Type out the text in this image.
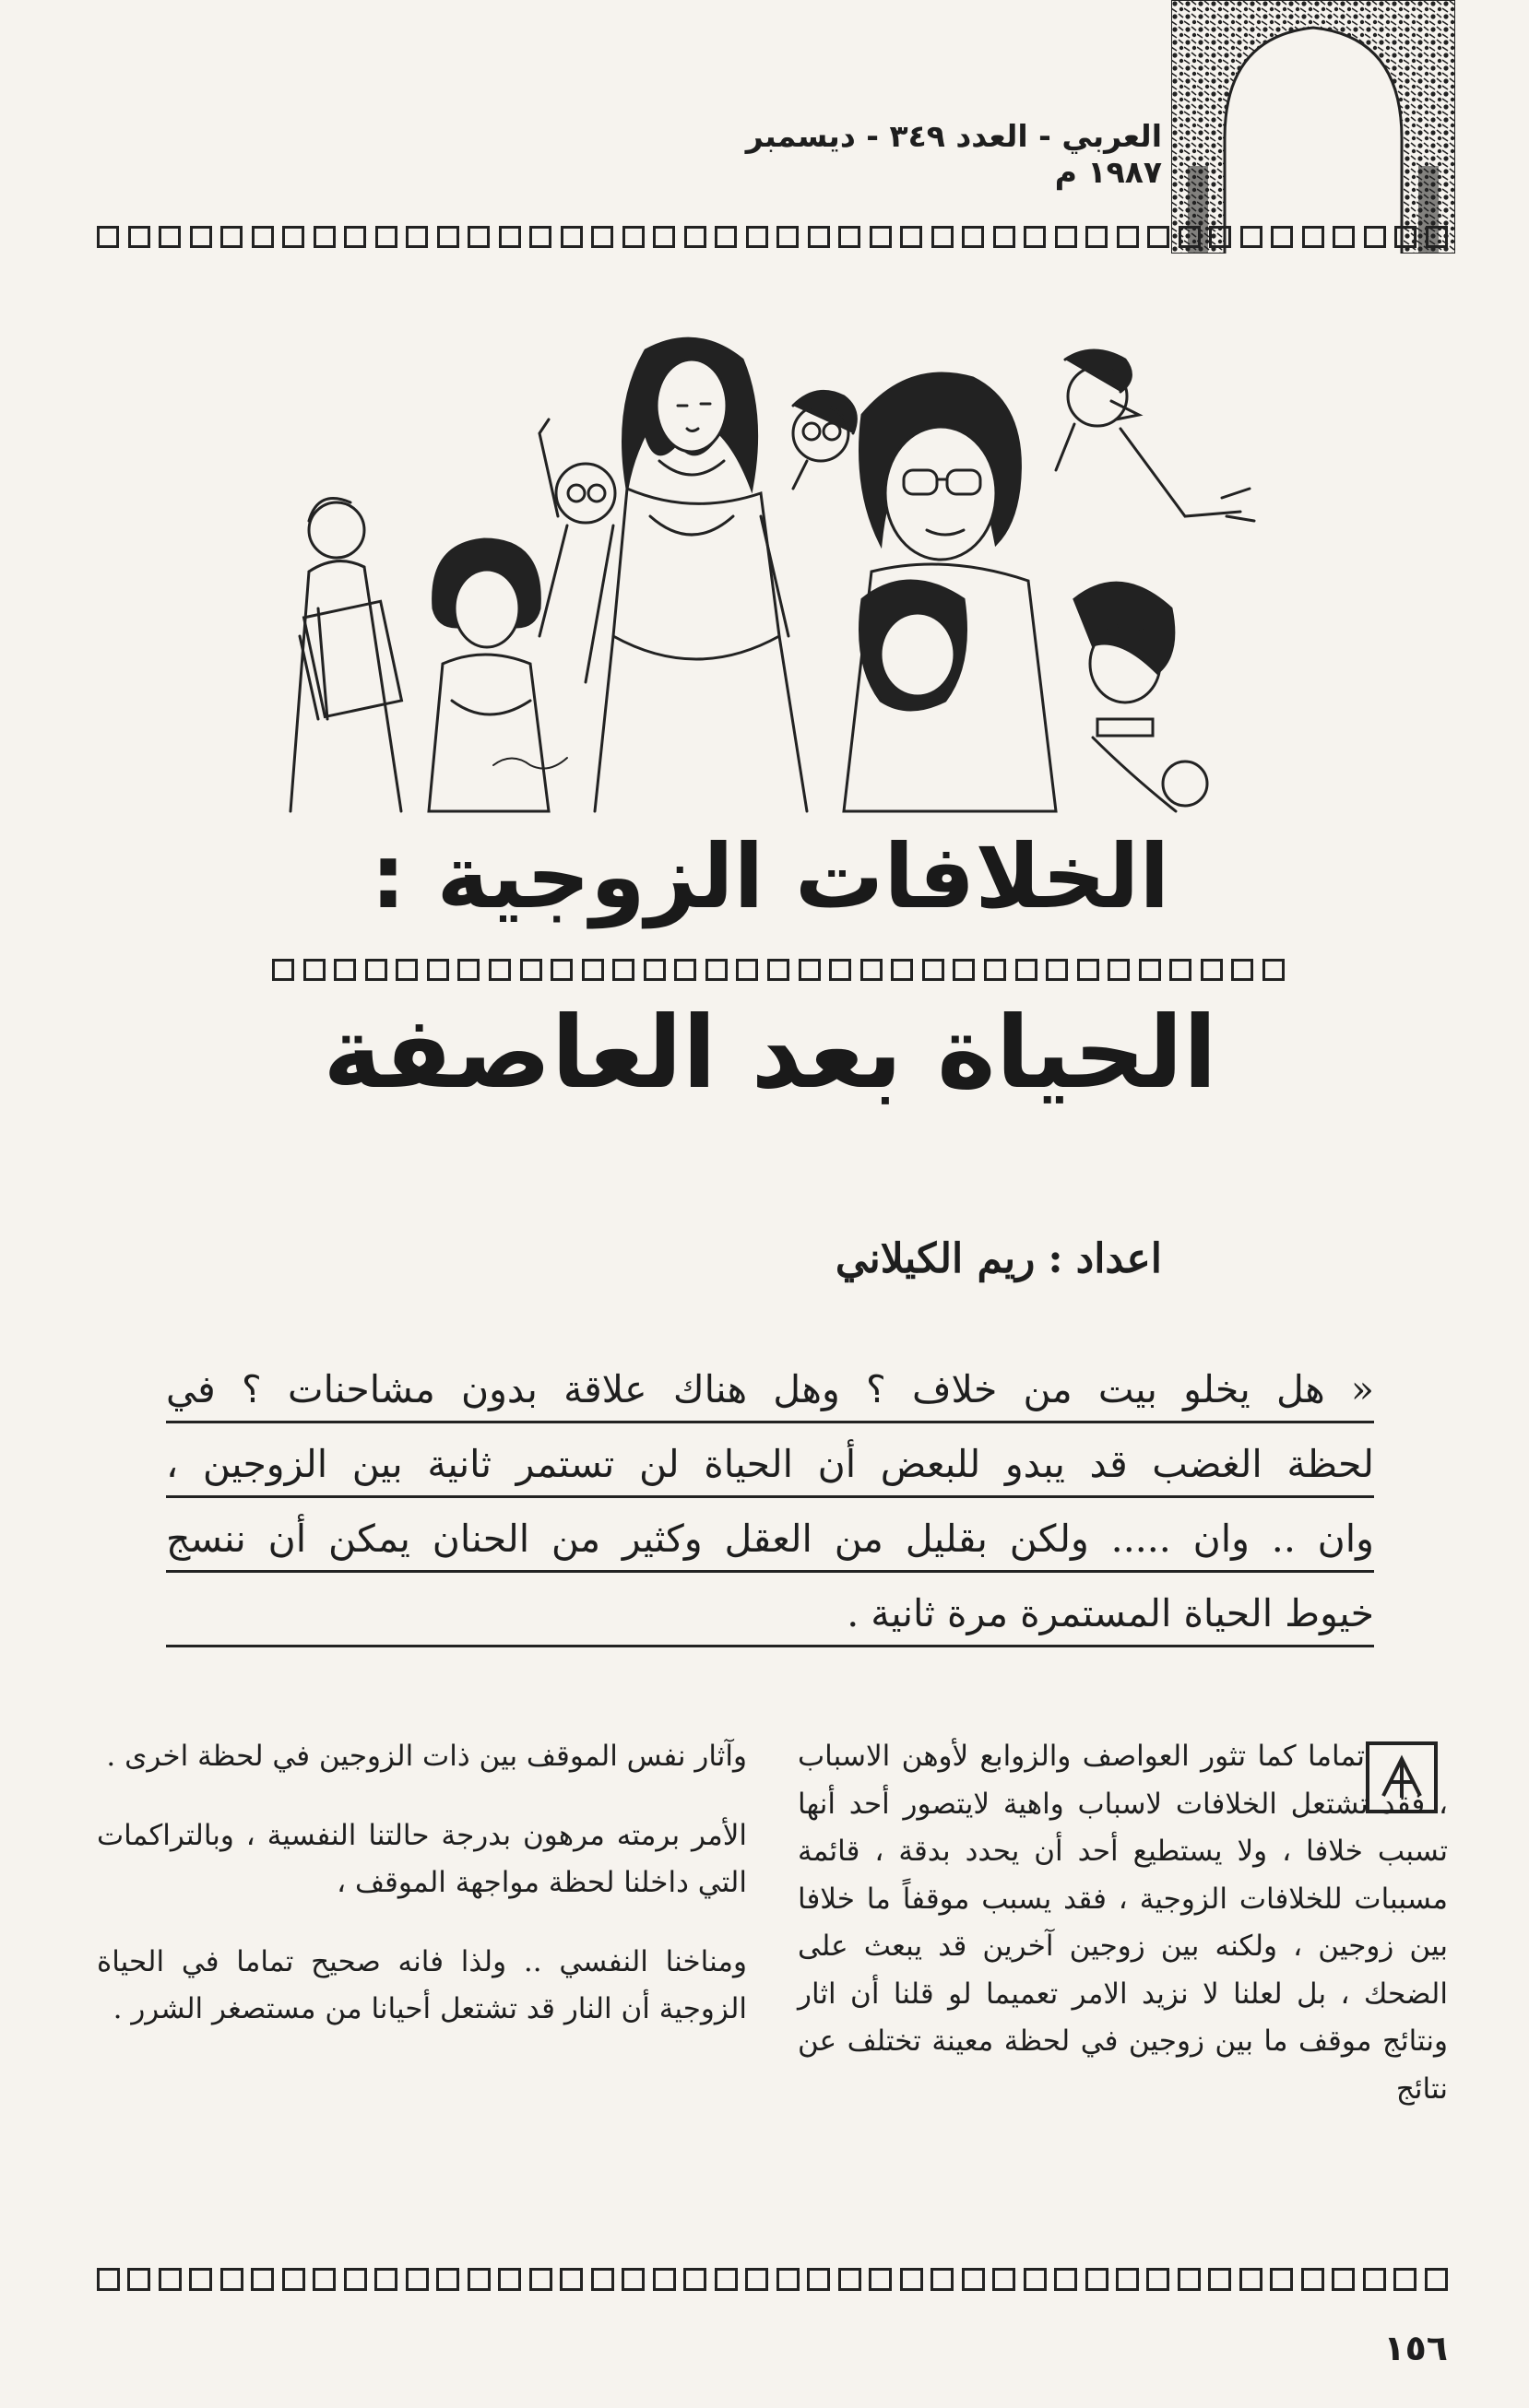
العربي - العدد ٣٤٩ - ديسمبر ١٩٨٧ م
الخلافات الزوجية :
الحياة بعد العاصفة
اعداد:ريم الكيلاني
« هل يخلو بيت من خلاف ؟ وهل هناك علاقة بدون مشاحنات ؟ في
لحظة الغضب قد يبدو للبعض أن الحياة لن تستمر ثانية بين الزوجين ،
وان .. وان ..... ولكن بقليل من العقل وكثير من الحنان يمكن أن ننسج
خيوط الحياة المستمرة مرة ثانية .

تماما كما تثور العواصف والزوابع لأوهن الاسباب ، فقد تشتعل الخلافات لاسباب واهية لايتصور أحد أنها تسبب خلافا ، ولا يستطيع أحد أن يحدد بدقة ، قائمة مسببات للخلافات الزوجية ، فقد يسبب موقفاً ما خلافا بين زوجين ، ولكنه بين زوجين آخرين قد يبعث على الضحك ، بل لعلنا لا نزيد الامر تعميما لو قلنا أن اثار ونتائج موقف ما بين زوجين في لحظة معينة تختلف عن نتائج

وآثار نفس الموقف بين ذات الزوجين في لحظة اخرى .

الأمر برمته مرهون بدرجة حالتنا النفسية ، وبالتراكمات التي داخلنا لحظة مواجهة الموقف ،

ومناخنا النفسي .. ولذا فانه صحيح تماما في الحياة الزوجية أن النار قد تشتعل أحيانا من مستصغر الشرر .

١٥٦
